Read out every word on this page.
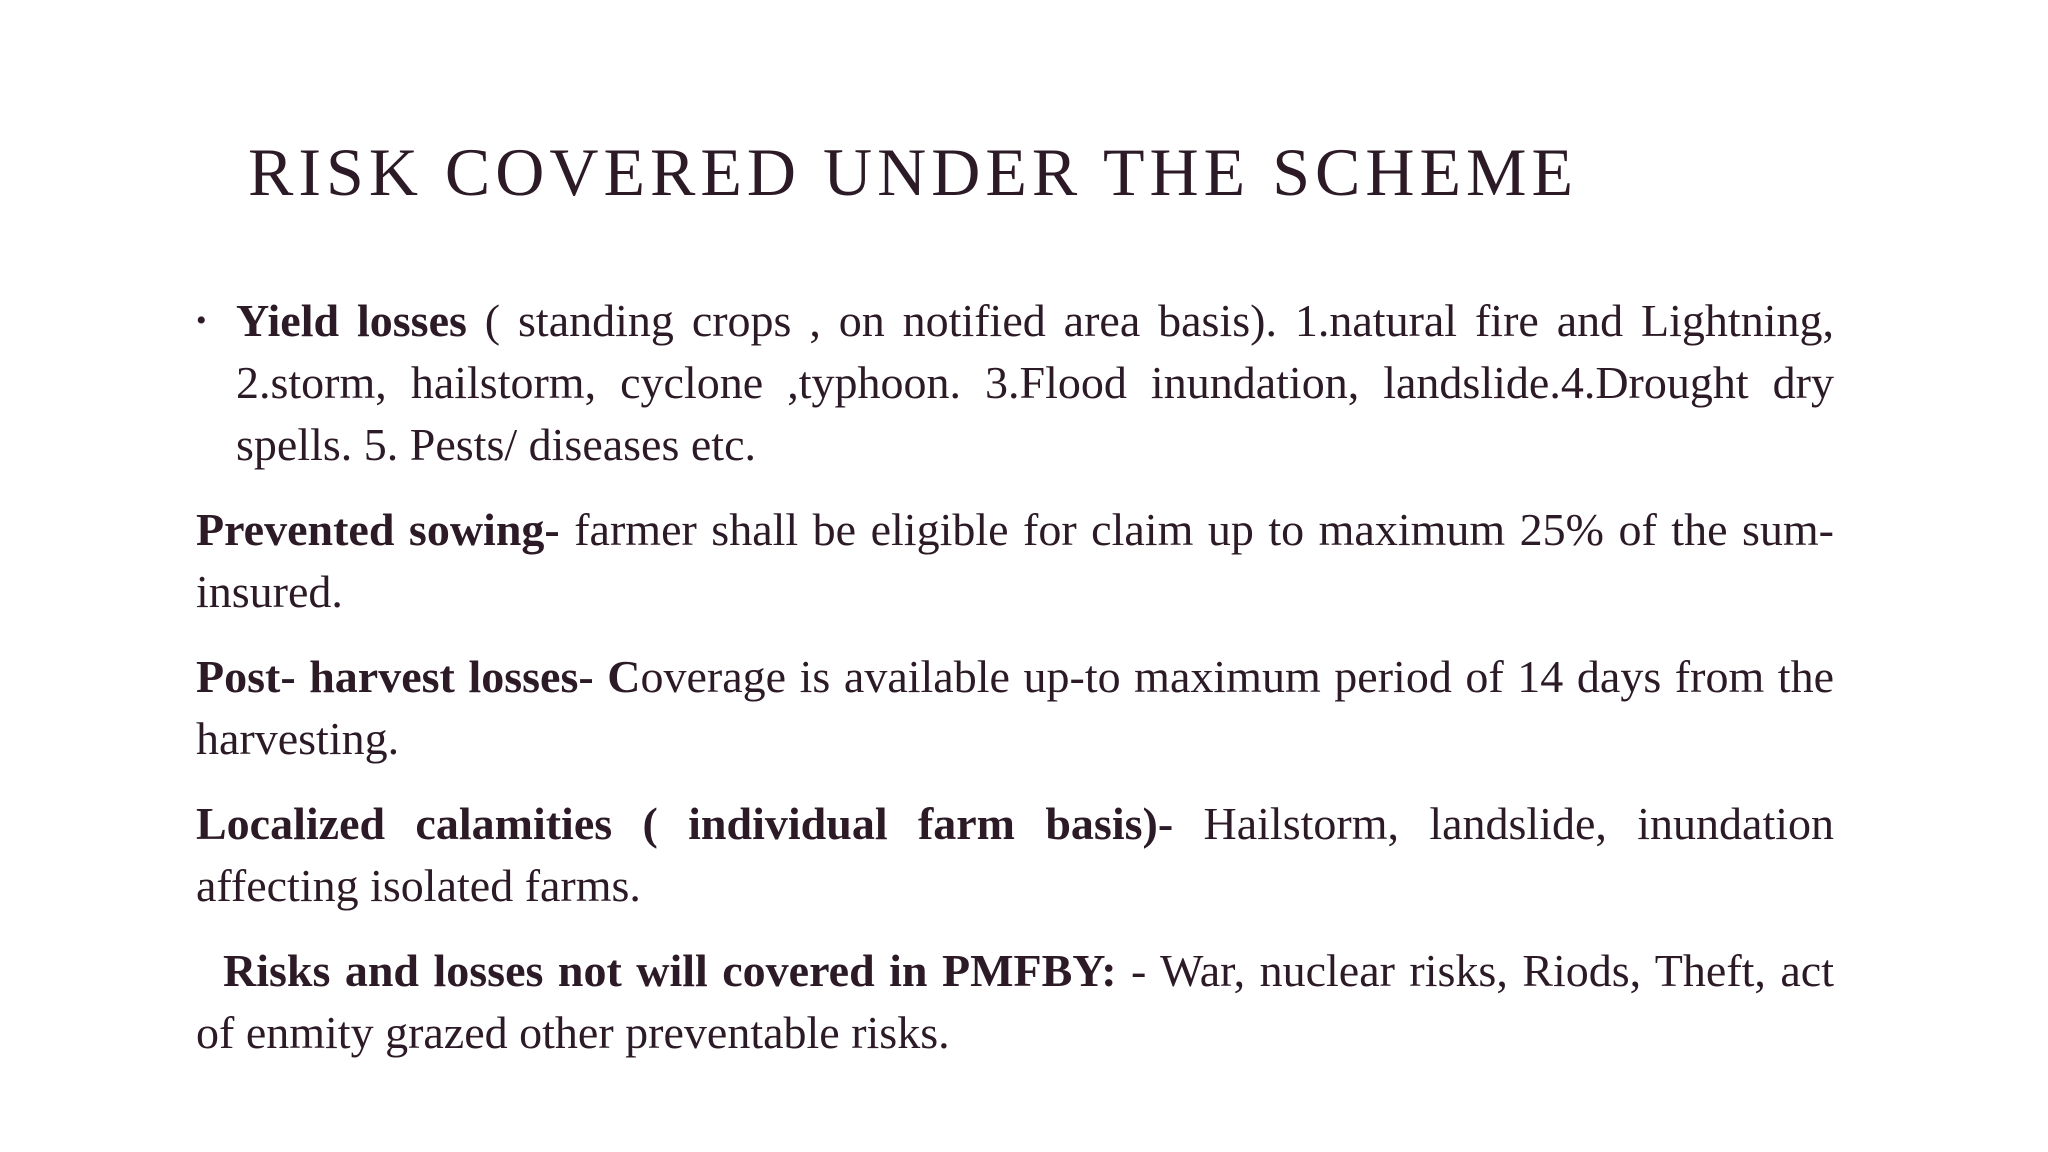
RISK COVERED UNDER THE SCHEME

• Yield losses ( standing crops , on notified area basis). 1.natural fire and Lightning, 2.storm, hailstorm, cyclone ,typhoon. 3.Flood inundation, landslide.4.Drought dry spells. 5. Pests/ diseases etc.

Prevented sowing- farmer shall be eligible for claim up to maximum 25% of the sum-insured.

Post- harvest losses- Coverage is available up-to maximum period of 14 days from the harvesting.

Localized calamities ( individual farm basis)- Hailstorm, landslide, inundation affecting isolated farms.

Risks and losses not will covered in PMFBY: - War, nuclear risks, Riods, Theft, act of enmity grazed other preventable risks.
